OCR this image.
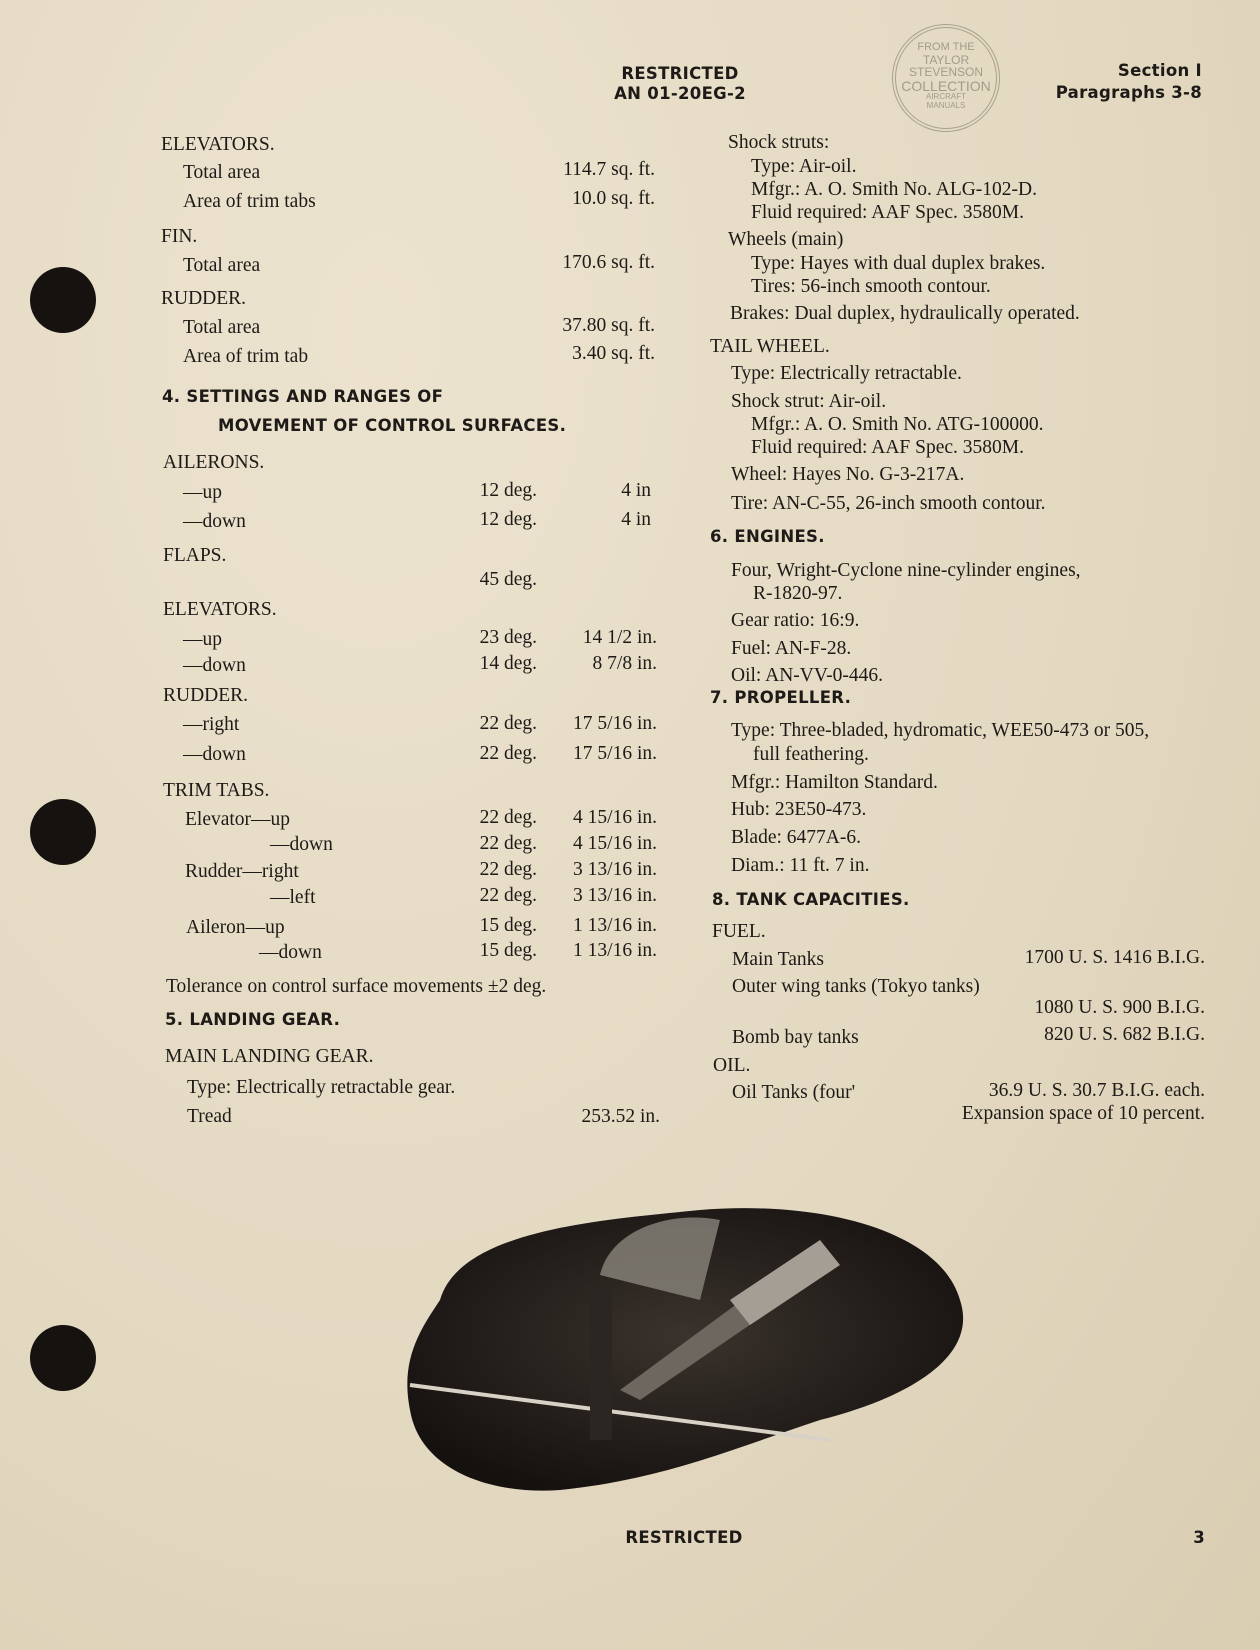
FROM THE
TAYLOR
STEVENSON
COLLECTION
AIRCRAFT
MANUALS
RESTRICTED
AN 01-20EG-2
Section I
Paragraphs 3-8
ELEVATORS.
Total area	114.7 sq. ft.
Area of trim tabs	10.0 sq. ft.
FIN.
Total area	170.6 sq. ft.
RUDDER.
Total area	37.80 sq. ft.
Area of trim tab	3.40 sq. ft.
4. SETTINGS AND RANGES OF
MOVEMENT OF CONTROL SURFACES.
AILERONS.
—up	12 deg.	4 in
—down	12 deg.	4 in
FLAPS.
45 deg.
ELEVATORS.
—up	23 deg. 14 1/2 in.
—down	14 deg.	8 7/8 in.
RUDDER.
—right	22 deg. 17 5/16 in.
—down	22 deg. 17 5/16 in.
TRIM TABS.
Elevator—up	22 deg. 4 15/16 in.
—down	22 deg. 4 15/16 in.
Rudder—right	22 deg. 3 13/16 in.
—left	22 deg. 3 13/16 in.
Aileron—up	15 deg. 1 13/16 in.
—down	15 deg. 1 13/16 in.
Tolerance on control surface movements ±2 deg.
5. LANDING GEAR.
MAIN LANDING GEAR.
Type: Electrically retractable gear.
Tread	253.52 in.
Shock struts:
Type: Air-oil.
Mfgr.: A. O. Smith No. ALG-102-D.
Fluid required: AAF Spec. 3580M.
Wheels (main)
Type: Hayes with dual duplex brakes.
Tires: 56-inch smooth contour.
Brakes: Dual duplex, hydraulically operated.
TAIL WHEEL.
Type: Electrically retractable.
Shock strut: Air-oil.
Mfgr.: A. O. Smith No. ATG-100000.
Fluid required: AAF Spec. 3580M.
Wheel: Hayes No. G-3-217A.
Tire: AN-C-55, 26-inch smooth contour.
6. ENGINES.
Four, Wright-Cyclone nine-cylinder engines,
R-1820-97.
Gear ratio: 16:9.
Fuel: AN-F-28.
Oil: AN-VV-0-446.
7. PROPELLER.
Type: Three-bladed, hydromatic, WEE50-473 or 505,
full feathering.
Mfgr.: Hamilton Standard.
Hub: 23E50-473.
Blade: 6477A-6.
Diam.: 11 ft. 7 in.
8. TANK CAPACITIES.
FUEL.
Main Tanks	1700 U. S. 1416 B.I.G.
Outer wing tanks (Tokyo tanks)
1080 U. S. 900 B.I.G.
Bomb bay tanks	820 U. S. 682 B.I.G.
OIL.
Oil Tanks (four'	36.9 U. S. 30.7 B.I.G. each.
Expansion space of 10 percent.
RESTRICTED	3
